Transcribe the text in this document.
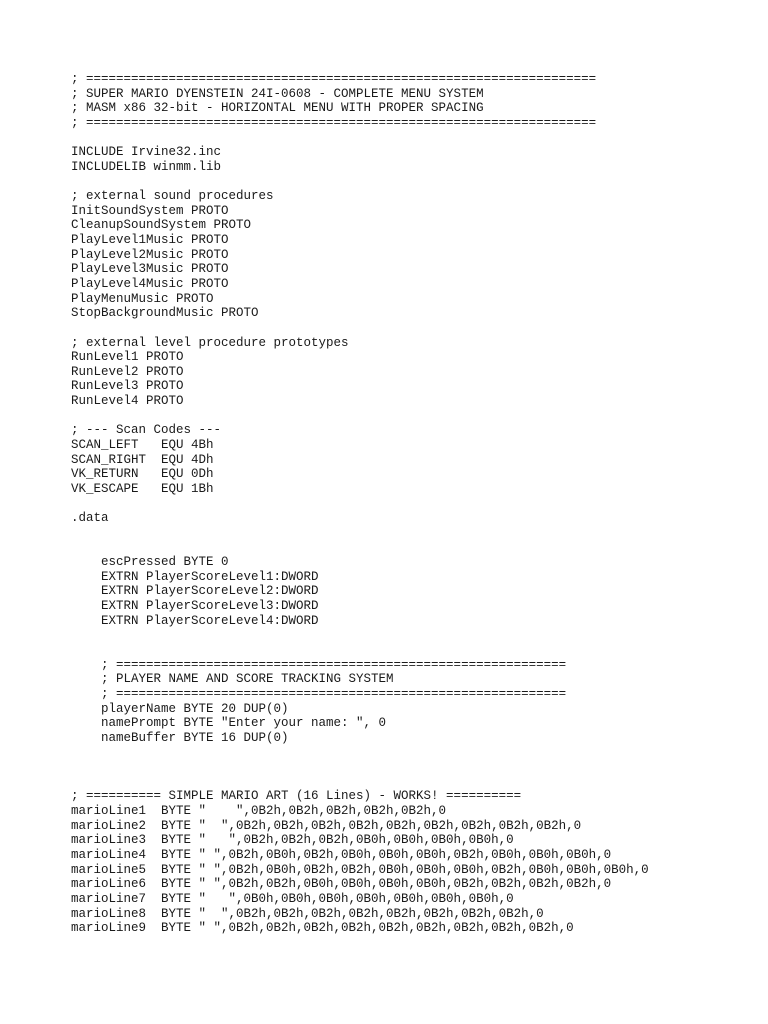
; ====================================================================
; SUPER MARIO DYENSTEIN 24I-0608 - COMPLETE MENU SYSTEM
; MASM x86 32-bit - HORIZONTAL MENU WITH PROPER SPACING
; ====================================================================
INCLUDE Irvine32.inc
INCLUDELIB winmm.lib
; external sound procedures
InitSoundSystem PROTO
CleanupSoundSystem PROTO
PlayLevel1Music PROTO
PlayLevel2Music PROTO
PlayLevel3Music PROTO
PlayLevel4Music PROTO
PlayMenuMusic PROTO
StopBackgroundMusic PROTO
; external level procedure prototypes
RunLevel1 PROTO
RunLevel2 PROTO
RunLevel3 PROTO
RunLevel4 PROTO
; --- Scan Codes ---
SCAN_LEFT   EQU 4Bh
SCAN_RIGHT  EQU 4Dh
VK_RETURN   EQU 0Dh
VK_ESCAPE   EQU 1Bh
.data
escPressed BYTE 0
EXTRN PlayerScoreLevel1:DWORD
EXTRN PlayerScoreLevel2:DWORD
EXTRN PlayerScoreLevel3:DWORD
EXTRN PlayerScoreLevel4:DWORD
; ============================================================
; PLAYER NAME AND SCORE TRACKING SYSTEM
; ============================================================
playerName BYTE 20 DUP(0)
namePrompt BYTE "Enter your name: ", 0
nameBuffer BYTE 16 DUP(0)
; ========== SIMPLE MARIO ART (16 Lines) - WORKS! ==========
marioLine1  BYTE "    ",0B2h,0B2h,0B2h,0B2h,0B2h,0
marioLine2  BYTE "  ",0B2h,0B2h,0B2h,0B2h,0B2h,0B2h,0B2h,0B2h,0B2h,0
marioLine3  BYTE "   ",0B2h,0B2h,0B2h,0B0h,0B0h,0B0h,0B0h,0
marioLine4  BYTE " ",0B2h,0B0h,0B2h,0B0h,0B0h,0B0h,0B2h,0B0h,0B0h,0B0h,0
marioLine5  BYTE " ",0B2h,0B0h,0B2h,0B2h,0B0h,0B0h,0B0h,0B2h,0B0h,0B0h,0B0h,0
marioLine6  BYTE " ",0B2h,0B2h,0B0h,0B0h,0B0h,0B0h,0B2h,0B2h,0B2h,0B2h,0
marioLine7  BYTE "   ",0B0h,0B0h,0B0h,0B0h,0B0h,0B0h,0B0h,0
marioLine8  BYTE "  ",0B2h,0B2h,0B2h,0B2h,0B2h,0B2h,0B2h,0B2h,0
marioLine9  BYTE " ",0B2h,0B2h,0B2h,0B2h,0B2h,0B2h,0B2h,0B2h,0B2h,0
